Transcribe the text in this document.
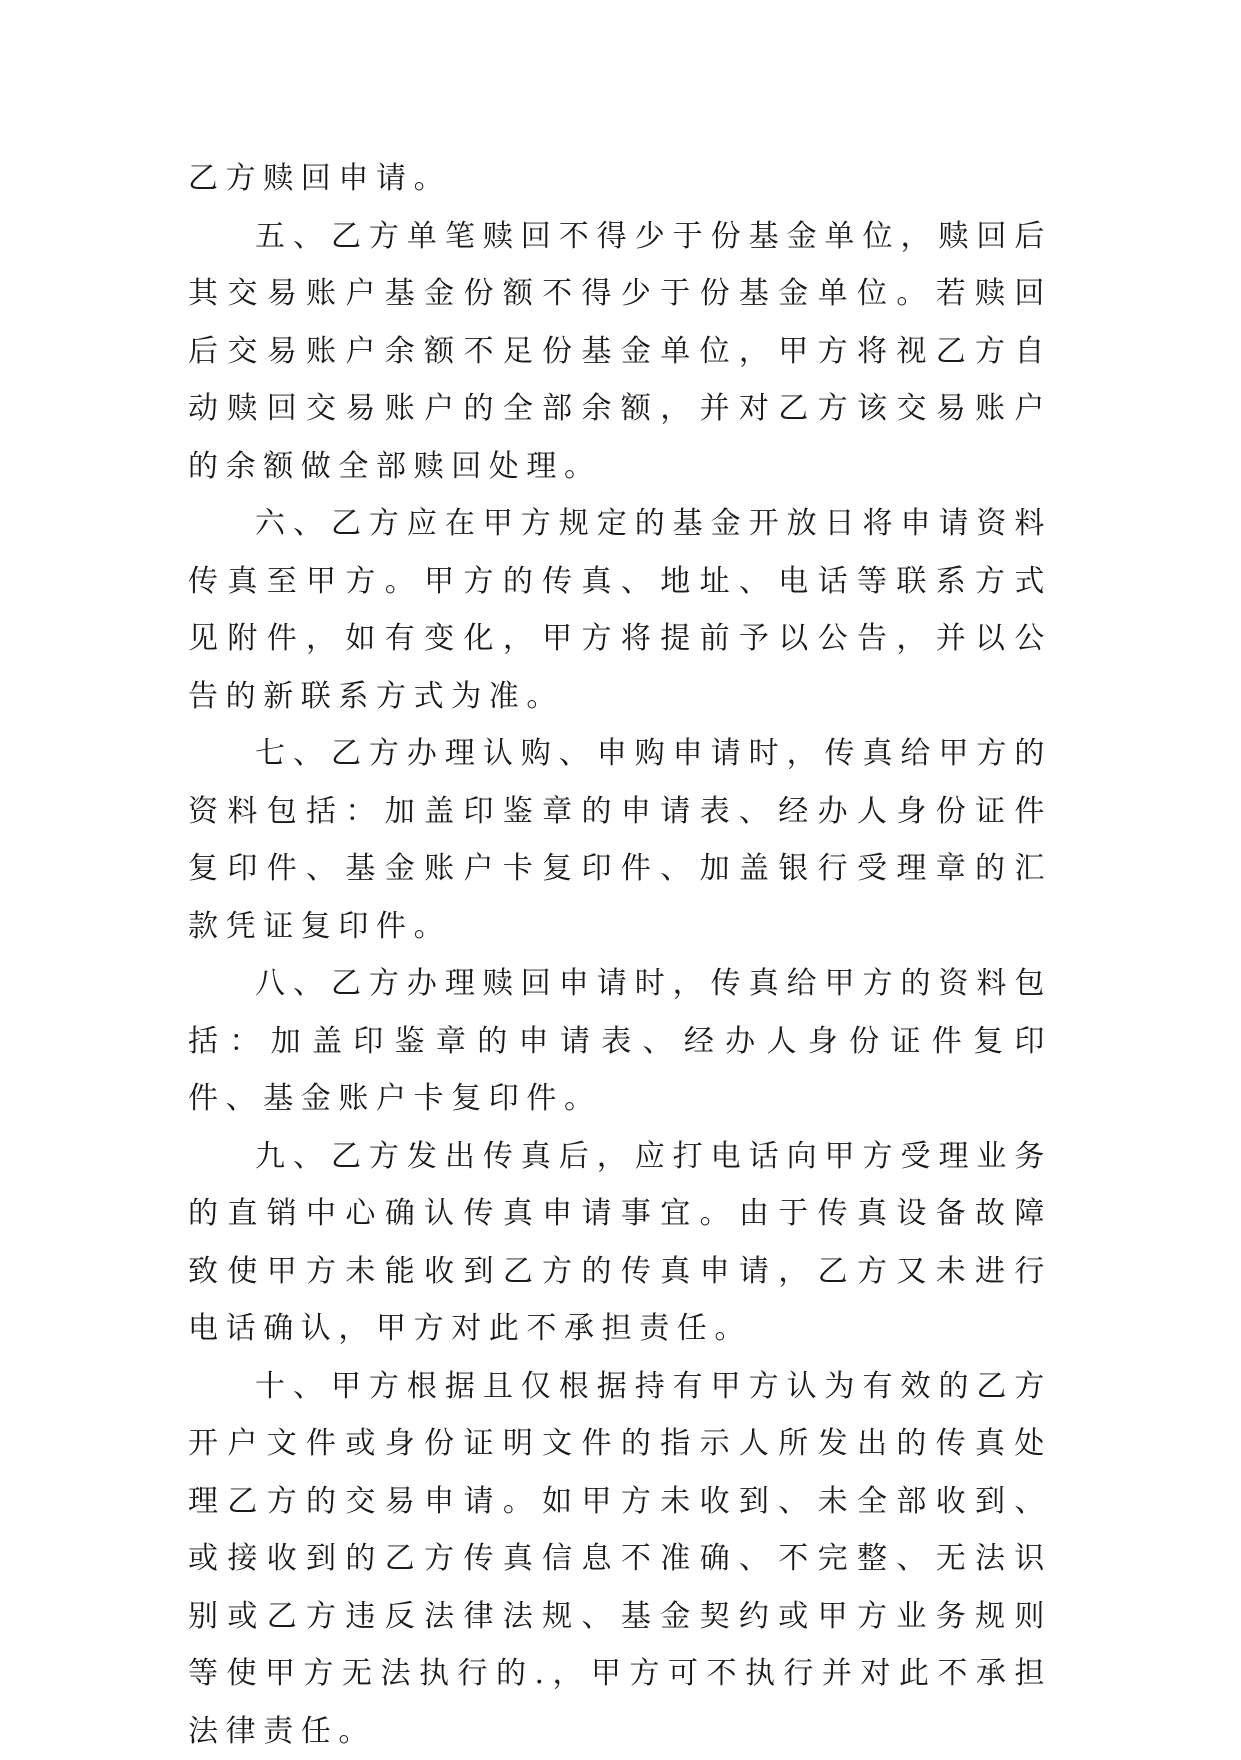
乙方赎回申请。

五、乙方单笔赎回不得少于份基金单位，赎回后其交易账户基金份额不得少于份基金单位。若赎回后交易账户余额不足份基金单位，甲方将视乙方自动赎回交易账户的全部余额，并对乙方该交易账户的余额做全部赎回处理。

六、乙方应在甲方规定的基金开放日将申请资料传真至甲方。甲方的传真、地址、电话等联系方式见附件，如有变化，甲方将提前予以公告，并以公告的新联系方式为准。

七、乙方办理认购、申购申请时，传真给甲方的资料包括：加盖印鉴章的申请表、经办人身份证件复印件、基金账户卡复印件、加盖银行受理章的汇款凭证复印件。

八、乙方办理赎回申请时，传真给甲方的资料包括：加盖印鉴章的申请表、经办人身份证件复印件、基金账户卡复印件。

九、乙方发出传真后，应打电话向甲方受理业务的直销中心确认传真申请事宜。由于传真设备故障致使甲方未能收到乙方的传真申请，乙方又未进行电话确认，甲方对此不承担责任。

十、甲方根据且仅根据持有甲方认为有效的乙方开户文件或身份证明文件的指示人所发出的传真处理乙方的交易申请。如甲方未收到、未全部收到、或接收到的乙方传真信息不准确、不完整、无法识别或乙方违反法律法规、基金契约或甲方业务规则等使甲方无法执行的.，甲方可不执行并对此不承担法律责任。
